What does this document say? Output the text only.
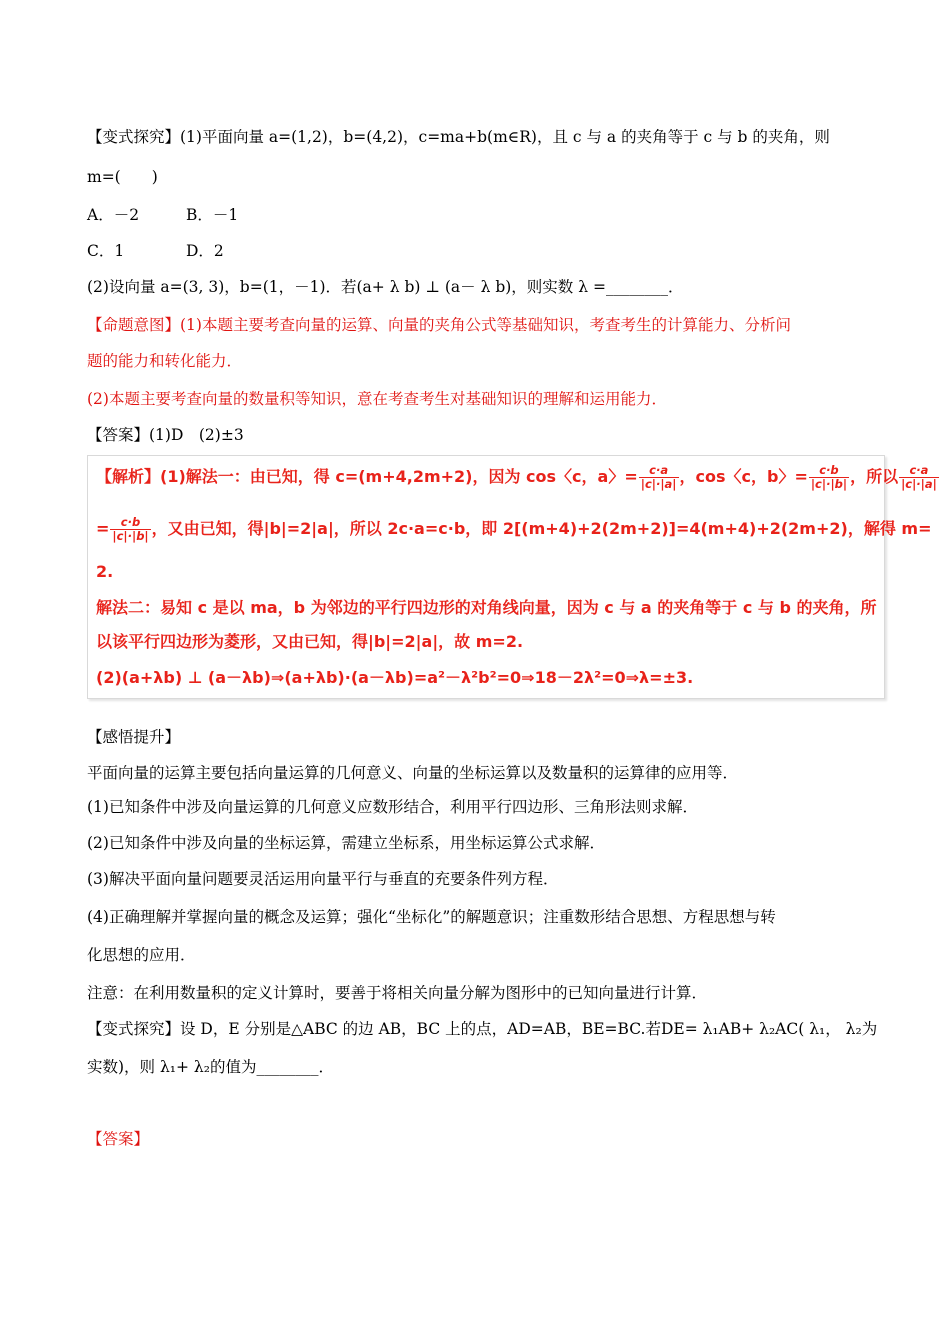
【变式探究】(1)平面向量 a=(1,2)，b=(4,2)，c=ma+b(m∈R)，且 c 与 a 的夹角等于 c 与 b 的夹角，则
m=(　　)
A．－2	B．－1
C．1	D．2
(2)设向量 a=(3, 3)，b=(1，－1)．若(a+ λ b) ⊥ (a－ λ b)，则实数 λ =________．
【命题意图】(1)本题主要考查向量的运算、向量的夹角公式等基础知识，考查考生的计算能力、分析问
题的能力和转化能力．
(2)本题主要考查向量的数量积等知识，意在考查考生对基础知识的理解和运用能力．
【答案】(1)D　(2)±3
【解析】(1)解法一：由已知，得 c=(m+4,2m+2)，因为 cos〈c，a〉= $\frac{c\cdot a}{|c|\cdot|a|}$ ，cos〈c，b〉= $\frac{c\cdot b}{|c|\cdot|b|}$ ，所以 $\frac{c\cdot a}{|c|\cdot|a|}$
= $\frac{c\cdot b}{|c|\cdot|b|}$ ，又由已知，得|b|=2|a|，所以 2c·a=c·b，即 2[(m+4)+2(2m+2)]=4(m+4)+2(2m+2)，解得 m=
2.
解法二：易知 c 是以 ma，b 为邻边的平行四边形的对角线向量，因为 c 与 a 的夹角等于 c 与 b 的夹角，所
以该平行四边形为菱形，又由已知，得|b|=2|a|，故 m=2.
(2)(a+λb) ⊥ (a－λb)⇒(a+λb)·(a－λb)=a²－λ²b²=0⇒18－2λ²=0⇒λ=±3.
【感悟提升】
平面向量的运算主要包括向量运算的几何意义、向量的坐标运算以及数量积的运算律的应用等．
(1)已知条件中涉及向量运算的几何意义应数形结合，利用平行四边形、三角形法则求解．
(2)已知条件中涉及向量的坐标运算，需建立坐标系，用坐标运算公式求解．
(3)解决平面向量问题要灵活运用向量平行与垂直的充要条件列方程．
(4)正确理解并掌握向量的概念及运算；强化“坐标化”的解题意识；注重数形结合思想、方程思想与转
化思想的应用．
注意：在利用数量积的定义计算时，要善于将相关向量分解为图形中的已知向量进行计算．
【变式探究】设 D，E 分别是△ABC 的边 AB，BC 上的点，AD=AB，BE=BC.若DE= λ₁AB+ λ₂AC( λ₁， λ₂为
实数)，则 λ₁+ λ₂的值为________．
【答案】
